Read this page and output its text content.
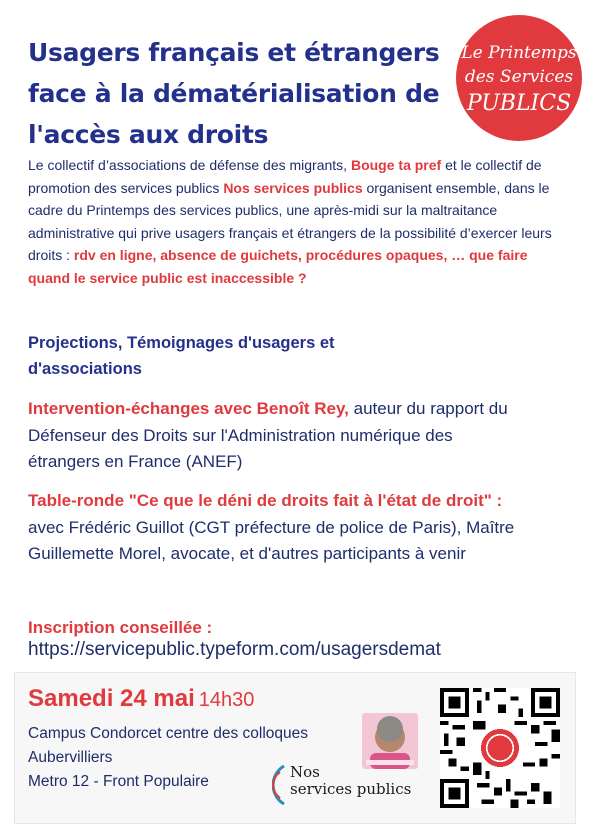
Usagers français et étrangers face à la dématérialisation de l'accès aux droits
Le Printemps
des Services
PUBLICS

Le collectif d’associations de défense des migrants, Bouge ta pref et le collectif de promotion des services publics Nos services publics organisent ensemble, dans le cadre du Printemps des services publics, une après-midi sur la maltraitance administrative qui prive usagers français et étrangers de la possibilité d’exercer leurs droits : rdv en ligne, absence de guichets, procédures opaques, … que faire quand le service public est inaccessible ?

Projections, Témoignages d'usagers et d'associations

Intervention-échanges avec Benoît Rey, auteur du rapport du Défenseur des Droits sur l'Administration numérique des étrangers en France (ANEF)

Table-ronde "Ce que le déni de droits fait à l'état de droit" : avec Frédéric Guillot (CGT préfecture de police de Paris), Maître Guillemette Morel, avocate, et d'autres participants à venir

Inscription conseillée :
https://servicepublic.typeform.com/usagersdemat
Samedi 24 mai 14h30
Campus Condorcet centre des colloques
Aubervilliers
Metro 12 - Front Populaire
Nos
services publics
